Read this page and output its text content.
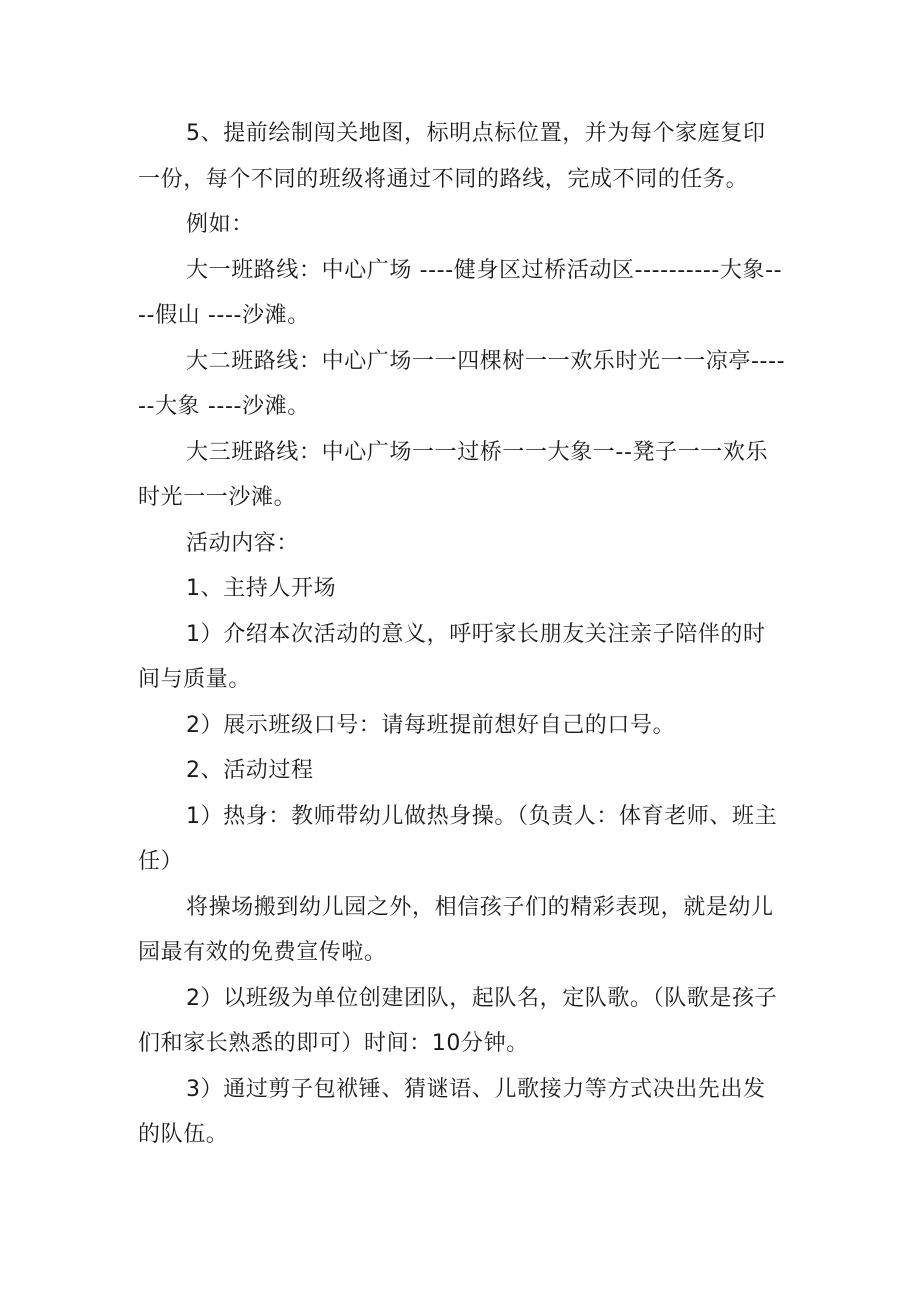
5、提前绘制闯关地图，标明点标位置，并为每个家庭复印一份，每个不同的班级将通过不同的路线，完成不同的任务。

例如：

大一班路线：中心广场 ----健身区过桥活动区----------大象----假山 ----沙滩。

大二班路线：中心广场一一四棵树一一欢乐时光一一凉亭------大象 ----沙滩。

大三班路线：中心广场一一过桥一一大象一--凳子一一欢乐时光一一沙滩。

活动内容：

1、主持人开场

1）介绍本次活动的意义，呼吁家长朋友关注亲子陪伴的时间与质量。

2）展示班级口号：请每班提前想好自己的口号。

2、活动过程

1）热身：教师带幼儿做热身操。（负责人：体育老师、班主任）

将操场搬到幼儿园之外，相信孩子们的精彩表现，就是幼儿园最有效的免费宣传啦。

2）以班级为单位创建团队，起队名，定队歌。（队歌是孩子们和家长熟悉的即可）时间：10分钟。

3）通过剪子包袱锤、猜谜语、儿歌接力等方式决出先出发的队伍。
